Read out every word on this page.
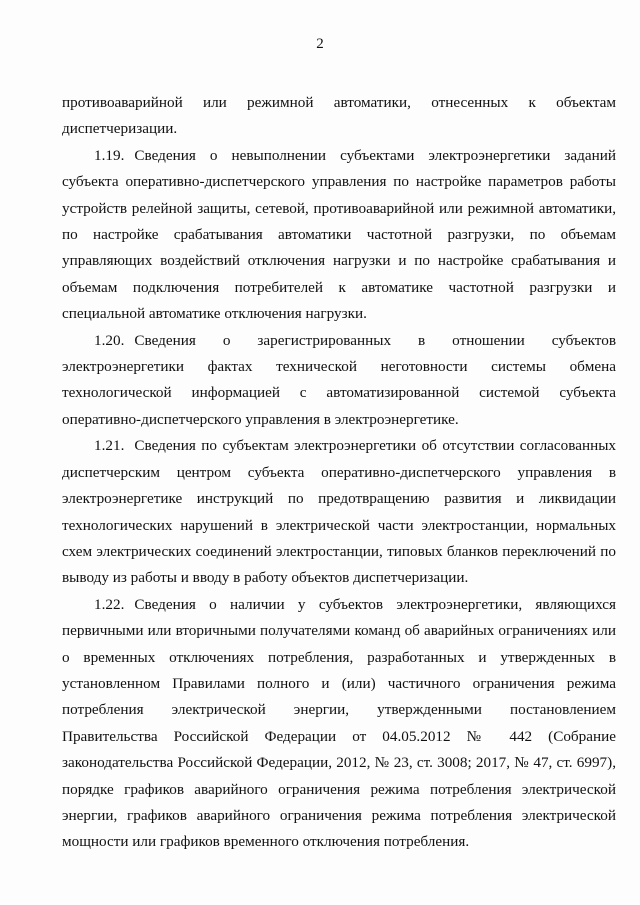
2

противоаварийной или режимной автоматики, отнесенных к объектам диспетчеризации.

1.19. Сведения о невыполнении субъектами электроэнергетики заданий субъекта оперативно-диспетчерского управления по настройке параметров работы устройств релейной защиты, сетевой, противоаварийной или режимной автоматики, по настройке срабатывания автоматики частотной разгрузки, по объемам управляющих воздействий отключения нагрузки и по настройке срабатывания и объемам подключения потребителей к автоматике частотной разгрузки и специальной автоматике отключения нагрузки.

1.20. Сведения о зарегистрированных в отношении субъектов электроэнергетики фактах технической неготовности системы обмена технологической информацией с автоматизированной системой субъекта оперативно-диспетчерского управления в электроэнергетике.

1.21. Сведения по субъектам электроэнергетики об отсутствии согласованных диспетчерским центром субъекта оперативно-диспетчерского управления в электроэнергетике инструкций по предотвращению развития и ликвидации технологических нарушений в электрической части электростанции, нормальных схем электрических соединений электростанции, типовых бланков переключений по выводу из работы и вводу в работу объектов диспетчеризации.

1.22. Сведения о наличии у субъектов электроэнергетики, являющихся первичными или вторичными получателями команд об аварийных ограничениях или о временных отключениях потребления, разработанных и утвержденных в установленном Правилами полного и (или) частичного ограничения режима потребления электрической энергии, утвержденными постановлением Правительства Российской Федерации от 04.05.2012 № 442 (Собрание законодательства Российской Федерации, 2012, № 23, ст. 3008; 2017, № 47, ст. 6997), порядке графиков аварийного ограничения режима потребления электрической энергии, графиков аварийного ограничения режима потребления электрической мощности или графиков временного отключения потребления.
